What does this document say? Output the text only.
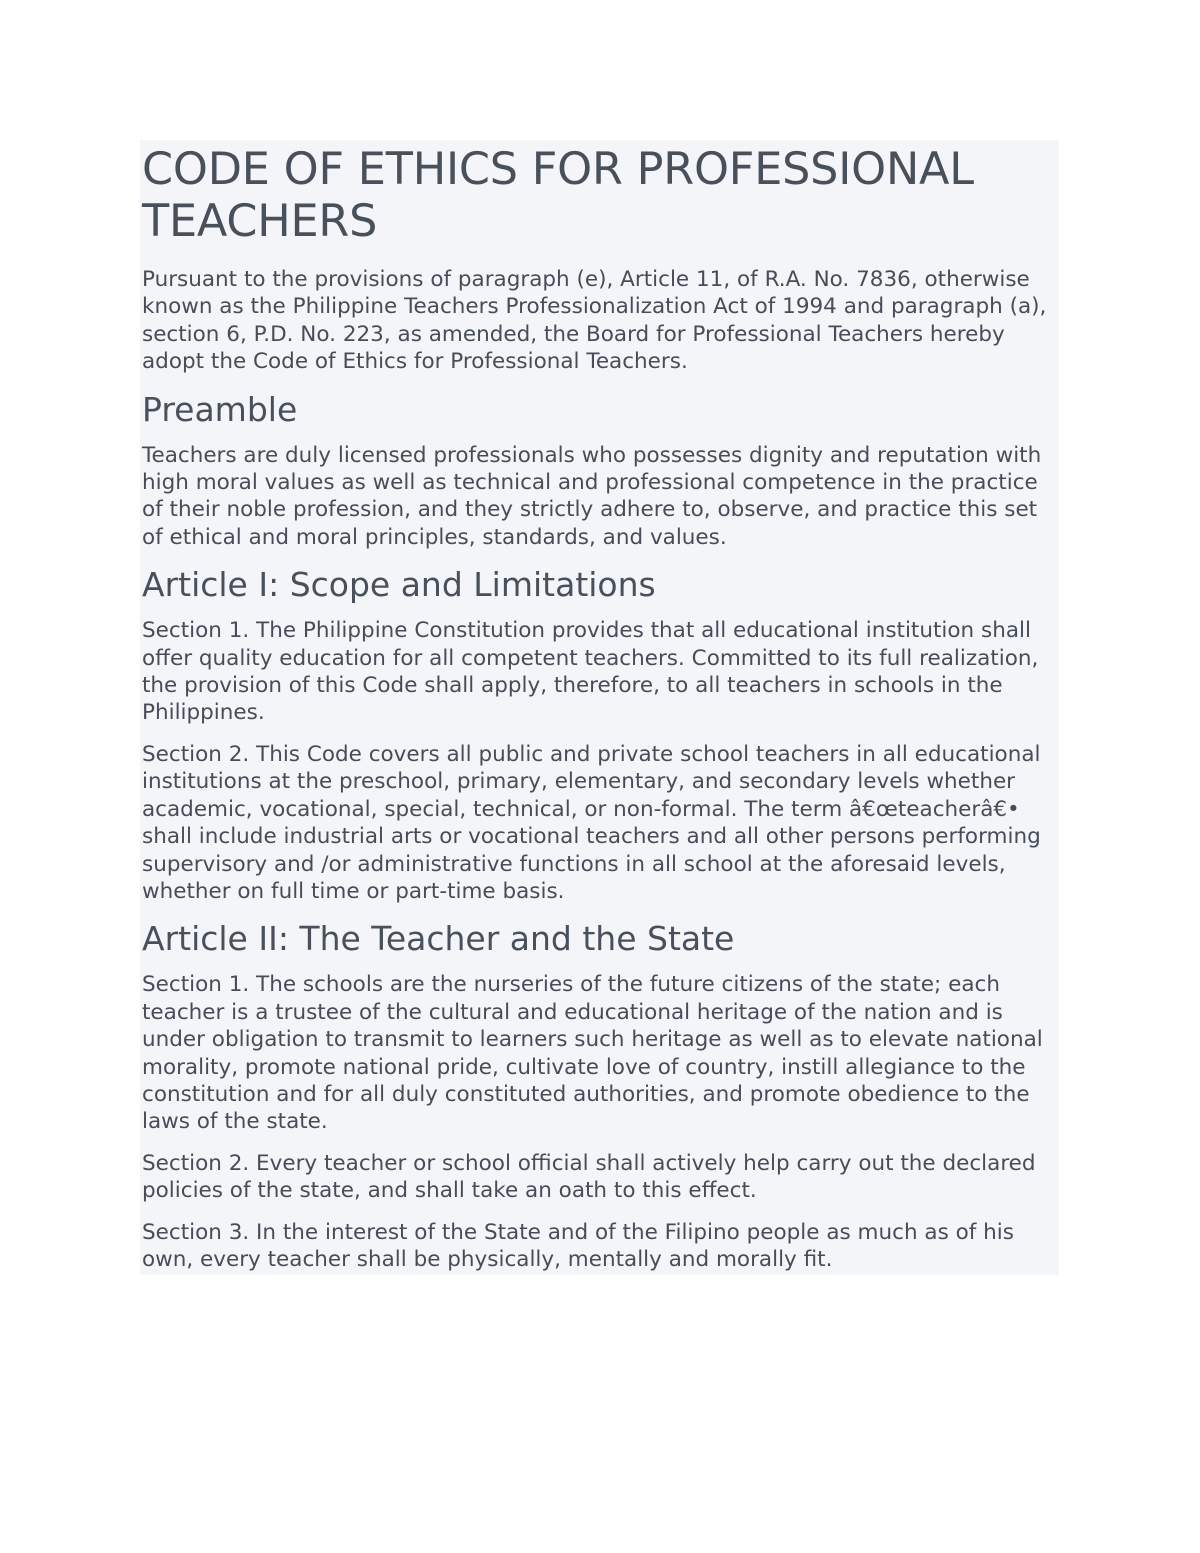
CODE OF ETHICS FOR PROFESSIONAL TEACHERS

Pursuant to the provisions of paragraph (e), Article 11, of R.A. No. 7836, otherwise known as the Philippine Teachers Professionalization Act of 1994 and paragraph (a), section 6, P.D. No. 223, as amended, the Board for Professional Teachers hereby adopt the Code of Ethics for Professional Teachers.

Preamble

Teachers are duly licensed professionals who possesses dignity and reputation with high moral values as well as technical and professional competence in the practice of their noble profession, and they strictly adhere to, observe, and practice this set of ethical and moral principles, standards, and values.

Article I: Scope and Limitations

Section 1. The Philippine Constitution provides that all educational institution shall offer quality education for all competent teachers. Committed to its full realization, the provision of this Code shall apply, therefore, to all teachers in schools in the Philippines.

Section 2. This Code covers all public and private school teachers in all educational institutions at the preschool, primary, elementary, and secondary levels whether academic, vocational, special, technical, or non-formal. The term â€œteacherâ€• shall include industrial arts or vocational teachers and all other persons performing supervisory and /or administrative functions in all school at the aforesaid levels, whether on full time or part-time basis.

Article II: The Teacher and the State

Section 1. The schools are the nurseries of the future citizens of the state; each teacher is a trustee of the cultural and educational heritage of the nation and is under obligation to transmit to learners such heritage as well as to elevate national morality, promote national pride, cultivate love of country, instill allegiance to the constitution and for all duly constituted authorities, and promote obedience to the laws of the state.

Section 2. Every teacher or school official shall actively help carry out the declared policies of the state, and shall take an oath to this effect.

Section 3. In the interest of the State and of the Filipino people as much as of his own, every teacher shall be physically, mentally and morally fit.
